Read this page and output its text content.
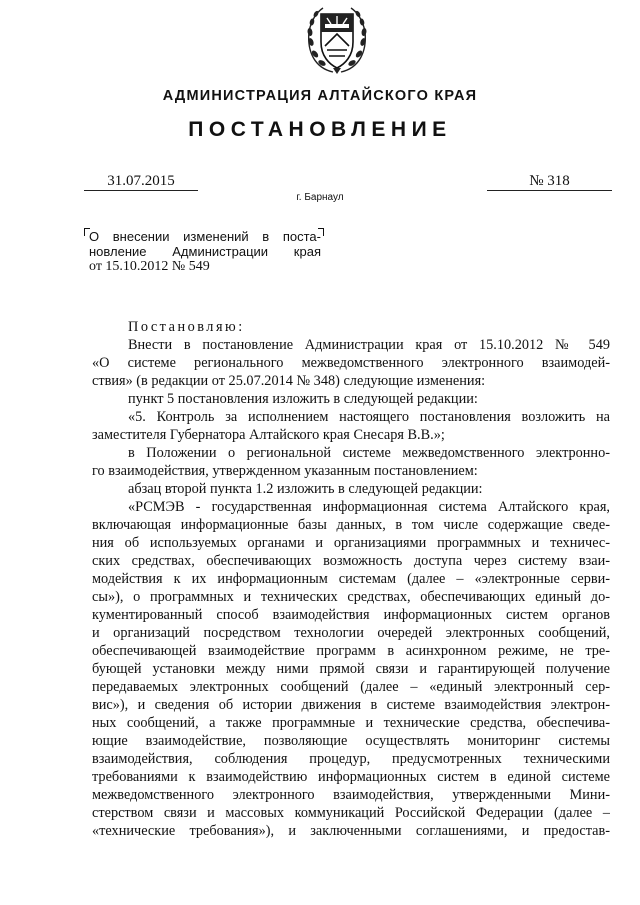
АДМИНИСТРАЦИЯ АЛТАЙСКОГО КРАЯ
ПОСТАНОВЛЕНИЕ
31.07.2015	№ 318
г. Барнаул
О внесении изменений в поста-
новление Администрации края
от 15.10.2012 № 549
Постановляю:
Внести в постановление Администрации края от 15.10.2012 № 549
«О системе регионального межведомственного электронного взаимодей-
ствия» (в редакции от 25.07.2014 № 348) следующие изменения:
пункт 5 постановления изложить в следующей редакции:
«5. Контроль за исполнением настоящего постановления возложить на
заместителя Губернатора Алтайского края Снесаря В.В.»;
в Положении о региональной системе межведомственного электронно-
го взаимодействия, утвержденном указанным постановлением:
абзац второй пункта 1.2 изложить в следующей редакции:
«РСМЭВ - государственная информационная система Алтайского края,
включающая информационные базы данных, в том числе содержащие сведе-
ния об используемых органами и организациями программных и техничес-
ских средствах, обеспечивающих возможность доступа через систему взаи-
модействия к их информационным системам (далее – «электронные серви-
сы»), о программных и технических средствах, обеспечивающих единый до-
кументированный способ взаимодействия информационных систем органов
и организаций посредством технологии очередей электронных сообщений,
обеспечивающей взаимодействие программ в асинхронном режиме, не тре-
бующей установки между ними прямой связи и гарантирующей получение
передаваемых электронных сообщений (далее – «единый электронный сер-
вис»), и сведения об истории движения в системе взаимодействия электрон-
ных сообщений, а также программные и технические средства, обеспечива-
ющие взаимодействие, позволяющие осуществлять мониторинг системы
взаимодействия, соблюдения процедур, предусмотренных техническими
требованиями к взаимодействию информационных систем в единой системе
межведомственного электронного взаимодействия, утвержденными Мини-
стерством связи и массовых коммуникаций Российской Федерации (далее –
«технические требования»), и заключенными соглашениями, и предостав-
